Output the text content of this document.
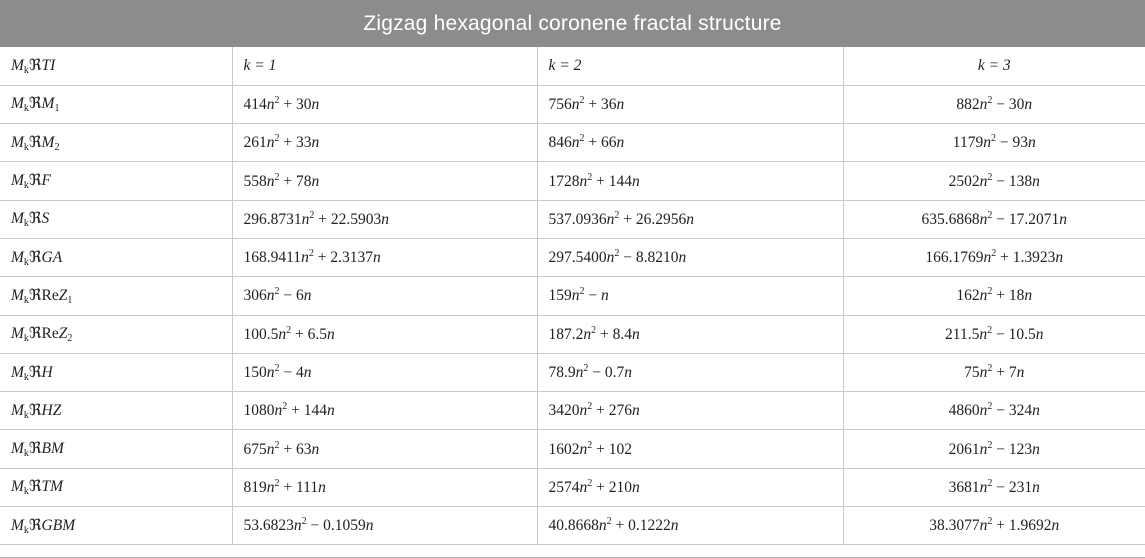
Zigzag hexagonal coronene fractal structure
$M_kℜTI$	k = 1	k = 2	k = 3
$M_kℜM_1$	$414n^2 + 30n$	$756n^2 + 36n$	$882n^2 - 30n$
$M_kℜM_2$	$261n^2 + 33n$	$846n^2 + 66n$	$1179n^2 - 93n$
$M_kℜF$	$558n^2 + 78n$	$1728n^2 + 144n$	$2502n^2 - 138n$
$M_kℜS$	$296.8731n^2 + 22.5903n$	$537.0936n^2 + 26.2956n$	$635.6868n^2 - 17.2071n$
$M_kℜGA$	$168.9411n^2 + 2.3137n$	$297.5400n^2 - 8.8210n$	$166.1769n^2 + 1.3923n$
$M_kℜReZ_1$	$306n^2 - 6n$	$159n^2 - n$	$162n^2 + 18n$
$M_kℜReZ_2$	$100.5n^2 + 6.5n$	$187.2n^2 + 8.4n$	$211.5n^2 - 10.5n$
$M_kℜH$	$150n^2 - 4n$	$78.9n^2 - 0.7n$	$75n^2 + 7n$
$M_kℜHZ$	$1080n^2 + 144n$	$3420n^2 + 276n$	$4860n^2 - 324n$
$M_kℜBM$	$675n^2 + 63n$	$1602n^2 + 102$	$2061n^2 - 123n$
$M_kℜTM$	$819n^2 + 111n$	$2574n^2 + 210n$	$3681n^2 - 231n$
$M_kℜGBM$	$53.6823n^2 - 0.1059n$	$40.8668n^2 + 0.1222n$	$38.3077n^2 + 1.9692n$
